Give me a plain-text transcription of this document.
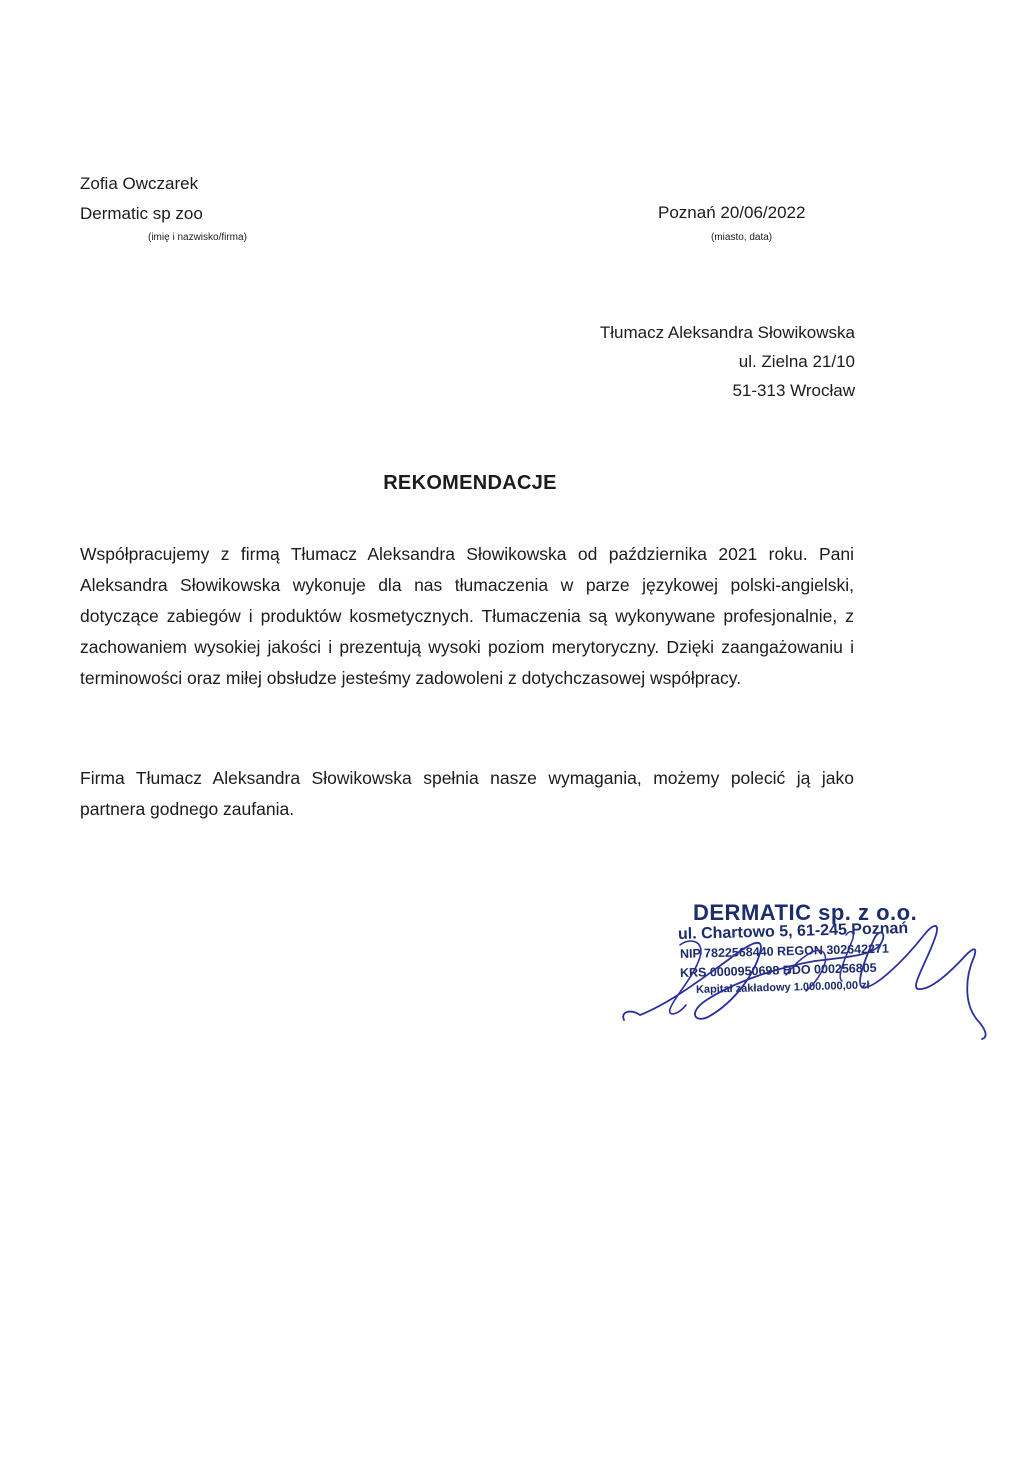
Zofia Owczarek
Dermatic sp zoo
(imię i nazwisko/firma)
Poznań 20/06/2022
(miasto, data)
Tłumacz Aleksandra Słowikowska
ul. Zielna 21/10
51-313 Wrocław
REKOMENDACJE
Współpracujemy z firmą Tłumacz Aleksandra Słowikowska od października 2021 roku. Pani Aleksandra Słowikowska wykonuje dla nas tłumaczenia w parze językowej polski-angielski, dotyczące zabiegów i produktów kosmetycznych. Tłumaczenia są wykonywane profesjonalnie, z zachowaniem wysokiej jakości i prezentują wysoki poziom merytoryczny. Dzięki zaangażowaniu i terminowości oraz miłej obsłudze jesteśmy zadowoleni z dotychczasowej współpracy.
Firma Tłumacz Aleksandra Słowikowska spełnia nasze wymagania, możemy polecić ją jako partnera godnego zaufania.
DERMATIC sp. z o.o.
ul. Chartowo 5, 61-245 Poznań
NIP 7822568440 REGON 302642271
KRS 0000950698 BDO 000256805
Kapitał zakładowy 1.000.000,00 zł
